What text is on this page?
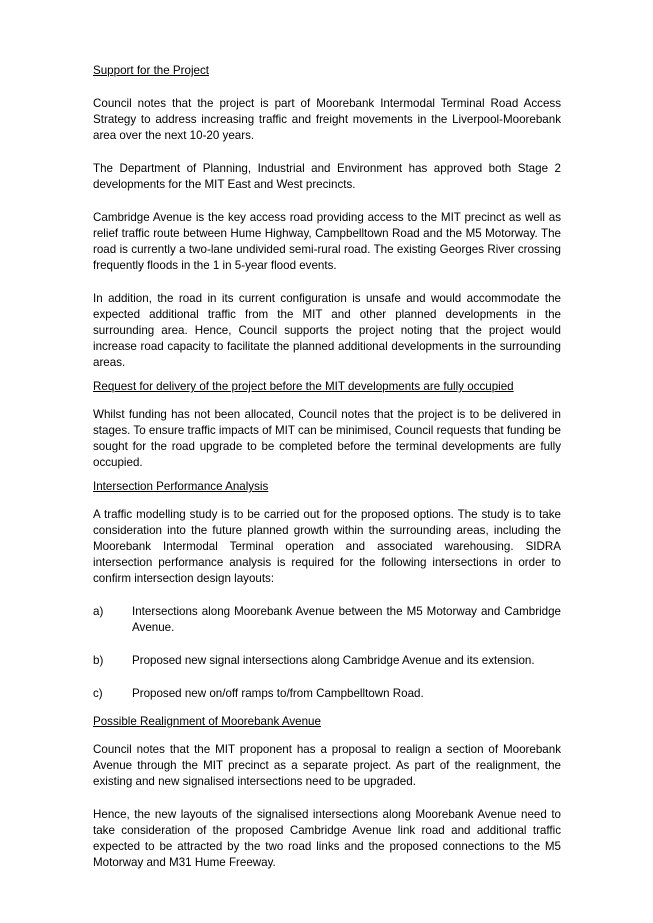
Support for the Project

Council notes that the project is part of Moorebank Intermodal Terminal Road Access Strategy to address increasing traffic and freight movements in the Liverpool-Moorebank area over the next 10-20 years.

The Department of Planning, Industrial and Environment has approved both Stage 2 developments for the MIT East and West precincts.

Cambridge Avenue is the key access road providing access to the MIT precinct as well as relief traffic route between Hume Highway, Campbelltown Road and the M5 Motorway. The road is currently a two-lane undivided semi-rural road. The existing Georges River crossing frequently floods in the 1 in 5-year flood events.

In addition, the road in its current configuration is unsafe and would accommodate the expected additional traffic from the MIT and other planned developments in the surrounding area. Hence, Council supports the project noting that the project would increase road capacity to facilitate the planned additional developments in the surrounding areas.

Request for delivery of the project before the MIT developments are fully occupied

Whilst funding has not been allocated, Council notes that the project is to be delivered in stages. To ensure traffic impacts of MIT can be minimised, Council requests that funding be sought for the road upgrade to be completed before the terminal developments are fully occupied.

Intersection Performance Analysis

A traffic modelling study is to be carried out for the proposed options. The study is to take consideration into the future planned growth within the surrounding areas, including the Moorebank Intermodal Terminal operation and associated warehousing. SIDRA intersection performance analysis is required for the following intersections in order to confirm intersection design layouts:

a)	Intersections along Moorebank Avenue between the M5 Motorway and Cambridge Avenue.
b)	Proposed new signal intersections along Cambridge Avenue and its extension.
c)	Proposed new on/off ramps to/from Campbelltown Road.
Possible Realignment of Moorebank Avenue

Council notes that the MIT proponent has a proposal to realign a section of Moorebank Avenue through the MIT precinct as a separate project. As part of the realignment, the existing and new signalised intersections need to be upgraded.

Hence, the new layouts of the signalised intersections along Moorebank Avenue need to take consideration of the proposed Cambridge Avenue link road and additional traffic expected to be attracted by the two road links and the proposed connections to the M5 Motorway and M31 Hume Freeway.
